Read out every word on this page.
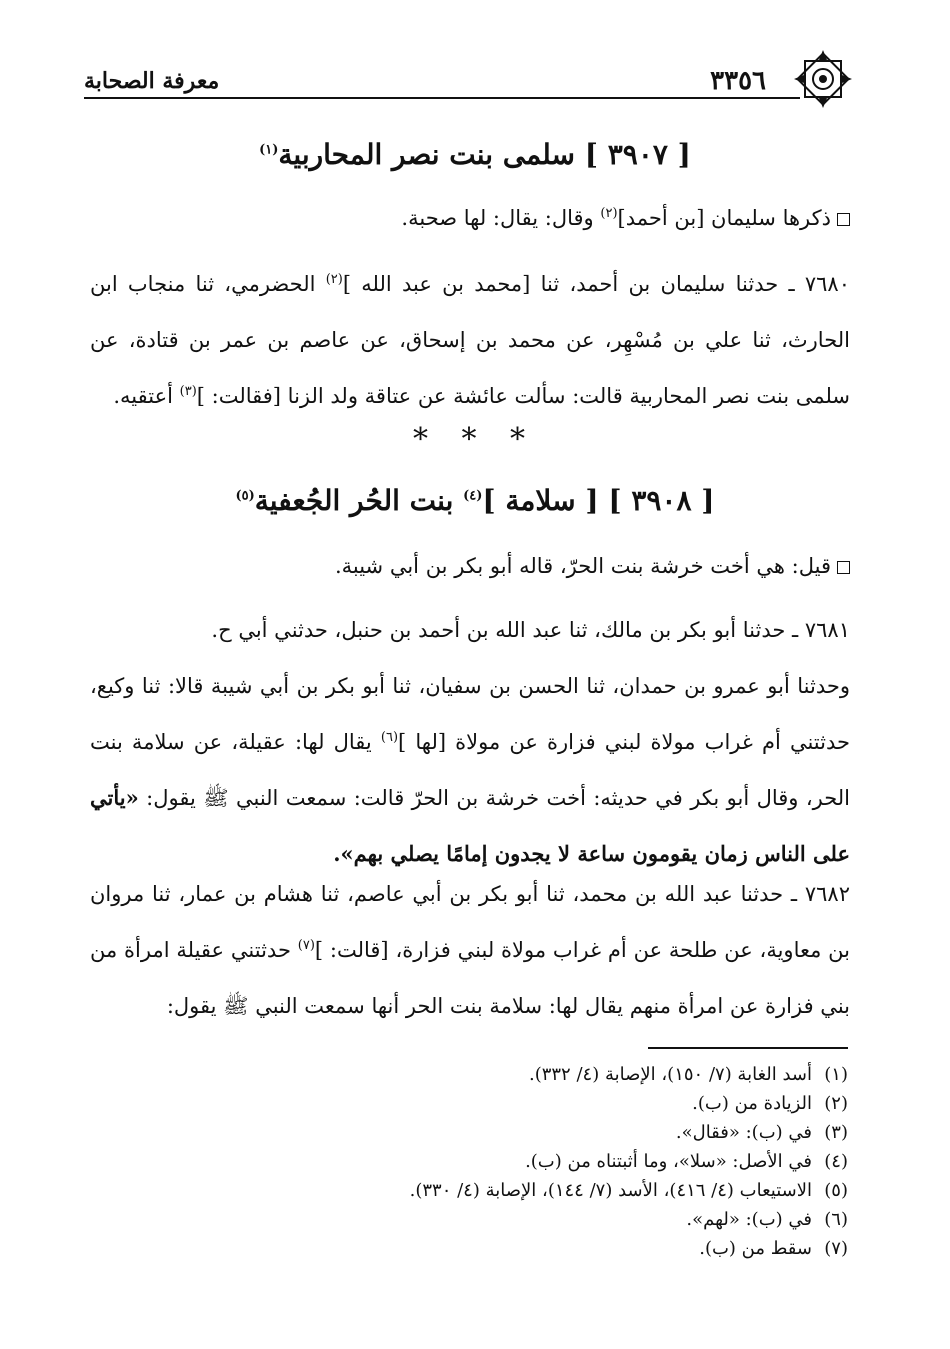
٣٣٥٦
معرفة الصحابة
[ ٣٩٠٧ ] سلمى بنت نصر المحاربية$^{(١)}$
ذكرها سليمان [بن أحمد]$^{(٢)}$ وقال: يقال: لها صحبة.
٧٦٨٠ ـ حدثنا سليمان بن أحمد، ثنا [محمد بن عبد الله ]$^{(٢)}$ الحضرمي، ثنا منجاب ابن الحارث، ثنا علي بن مُسْهِر، عن محمد بن إسحاق، عن عاصم بن عمر بن قتادة، عن سلمى بنت نصر المحاربية قالت: سألت عائشة عن عتاقة ولد الزنا [فقالت: ]$^{(٣)}$ أعتقيه.
* * *
[ ٣٩٠٨ ] [ سلامة ]$^{(٤)}$ بنت الحُر الجُعفية$^{(٥)}$
قيل: هي أخت خرشة بنت الحرّ، قاله أبو بكر بن أبي شيبة.
٧٦٨١ ـ حدثنا أبو بكر بن مالك، ثنا عبد الله بن أحمد بن حنبل، حدثني أبي ح.
وحدثنا أبو عمرو بن حمدان، ثنا الحسن بن سفيان، ثنا أبو بكر بن أبي شيبة قالا: ثنا وكيع، حدثتني أم غراب مولاة لبني فزارة عن مولاة [لها ]$^{(٦)}$ يقال لها: عقيلة، عن سلامة بنت الحر، وقال أبو بكر في حديثه: أخت خرشة بن الحرّ قالت: سمعت النبي ﷺ يقول: «يأتي على الناس زمان يقومون ساعة لا يجدون إمامًا يصلي بهم».
٧٦٨٢ ـ حدثنا عبد الله بن محمد، ثنا أبو بكر بن أبي عاصم، ثنا هشام بن عمار، ثنا مروان بن معاوية، عن طلحة عن أم غراب مولاة لبني فزارة، [قالت: ]$^{(٧)}$ حدثتني عقيلة امرأة من بني فزارة عن امرأة منهم يقال لها: سلامة بنت الحر أنها سمعت النبي ﷺ يقول:
(١)أسد الغابة (٧/ ١٥٠)، الإصابة (٤/ ٣٣٢).
(٢)الزيادة من (ب).
(٣)في (ب): «فقال».
(٤)في الأصل: «سلا»، وما أثبتناه من (ب).
(٥)الاستيعاب (٤/ ٤١٦)، الأسد (٧/ ١٤٤)، الإصابة (٤/ ٣٣٠).
(٦)في (ب): «لهم».
(٧)سقط من (ب).
